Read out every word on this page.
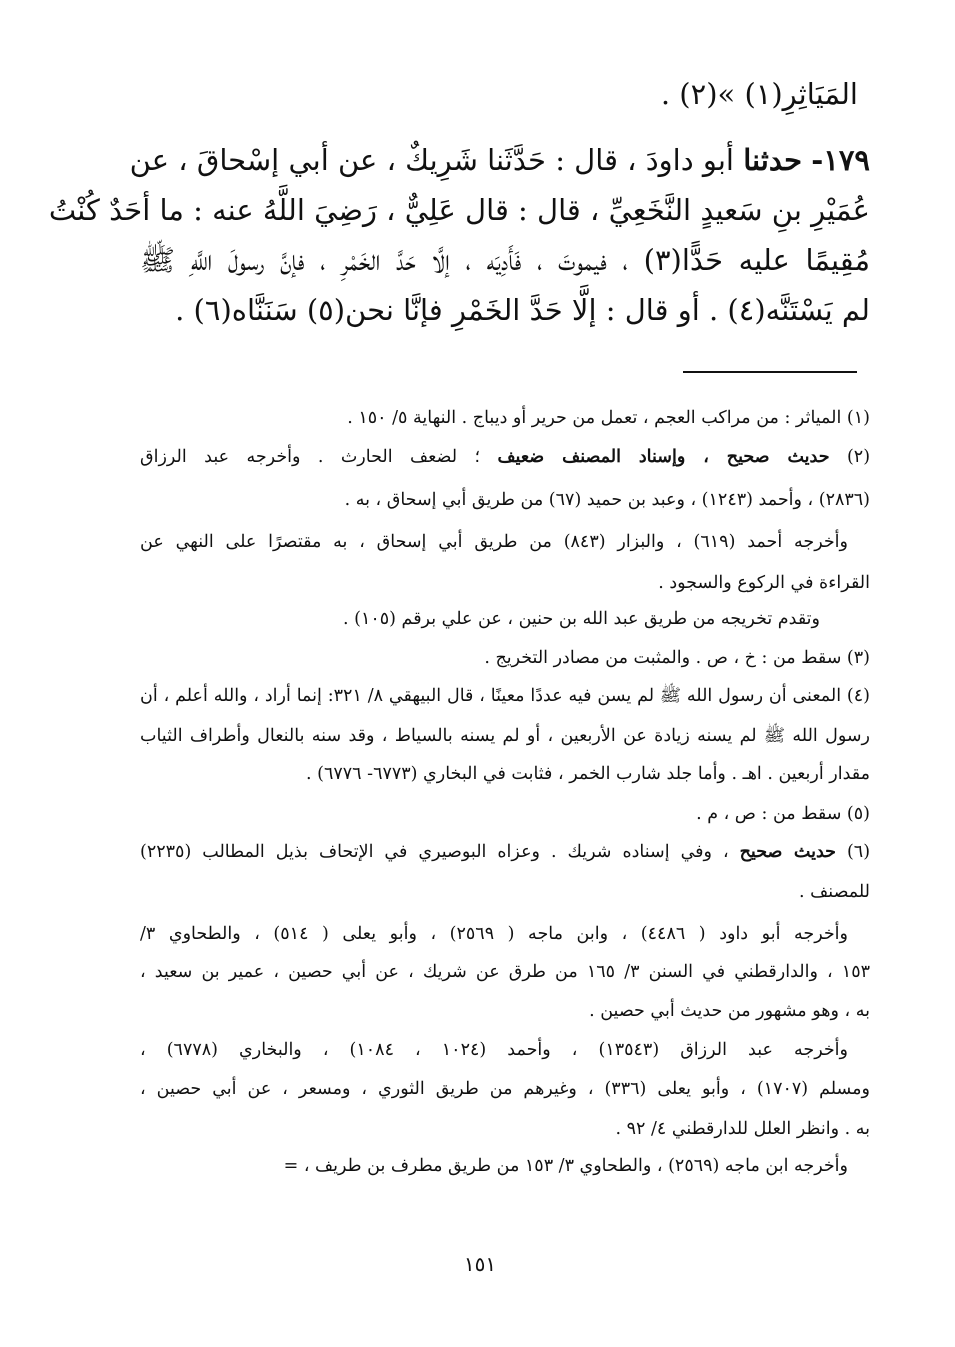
المَيَاثِرِ(١) »(٢) .
١٧٩- حدثنا أبو داودَ ، قال : حَدَّثَنا شَرِيكٌ ، عن أبي إسْحاقَ ، عن
عُمَيْرِ بنِ سَعيدٍ النَّخَعِيِّ ، قال : قال عَلِيٌّ ، رَضِيَ اللَّهُ عنه : ما أحَدٌ كُنْتُ
مُقِيمًا عليه حَدًّا(٣) ، فيموتَ ، فَأَدِيَه ، إلَّا حَدَّ الخَمْرِ ، فإنَّ رسولَ اللَّهِ ﷺ
لم يَسْتَنَّه(٤) . أو قال : إلَّا حَدَّ الخَمْرِ فإنَّا نحن(٥) سَنَنَّاه(٦) .
(١) المياثر : من مراكب العجم ، تعمل من حرير أو ديباج . النهاية ٥/ ١٥٠ .
(٢) حديث صحيح ، وإسناد المصنف ضعيف ؛ لضعف الحارث . وأخرجه عبد الرزاق
(٢٨٣٦) ، وأحمد (١٢٤٣) ، وعبد بن حميد (٦٧) من طريق أبي إسحاق ، به .
وأخرجه أحمد (٦١٩) ، والبزار (٨٤٣) من طريق أبي إسحاق ، به مقتصرًا على النهي عن
القراءة في الركوع والسجود .
وتقدم تخريجه من طريق عبد الله بن حنين ، عن علي برقم (١٠٥) .
(٣) سقط من : خ ، ص . والمثبت من مصادر التخريج .
(٤) المعنى أن رسول الله ﷺ لم يسن فيه عددًا معينًا ، قال البيهقي ٨/ ٣٢١: إنما أراد ، والله أعلم ، أن
رسول الله ﷺ لم يسنه زيادة عن الأربعين ، أو لم يسنه بالسياط ، وقد سنه بالنعال وأطراف الثياب
مقدار أربعين . اهـ . وأما جلد شارب الخمر ، فثابت في البخاري (٦٧٧٣- ٦٧٧٦) .
(٥) سقط من : ص ، م .
(٦) حديث صحيح ، وفي إسناده شريك . وعزاه البوصيري في الإتحاف بذيل المطالب (٢٢٣٥)
للمصنف .
وأخرجه أبو داود ( ٤٤٨٦) ، وابن ماجه ( ٢٥٦٩) ، وأبو يعلى ( ٥١٤) ، والطحاوي ٣/
١٥٣ ، والدارقطني في السنن ٣/ ١٦٥ من طرق عن شريك ، عن أبي حصين ، عمير بن سعيد ،
به ، وهو مشهور من حديث أبي حصين .
وأخرجه عبد الرزاق (١٣٥٤٣) ، وأحمد (١٠٢٤ ، ١٠٨٤) ، والبخاري (٦٧٧٨) ،
ومسلم (١٧٠٧) ، وأبو يعلى (٣٣٦) ، وغيرهم من طريق الثوري ، ومسعر ، عن أبي حصين ،
به . وانظر العلل للدارقطني ٤/ ٩٢ .
وأخرجه ابن ماجه (٢٥٦٩) ، والطحاوي ٣/ ١٥٣ من طريق مطرف بن طريف ، =
١٥١
